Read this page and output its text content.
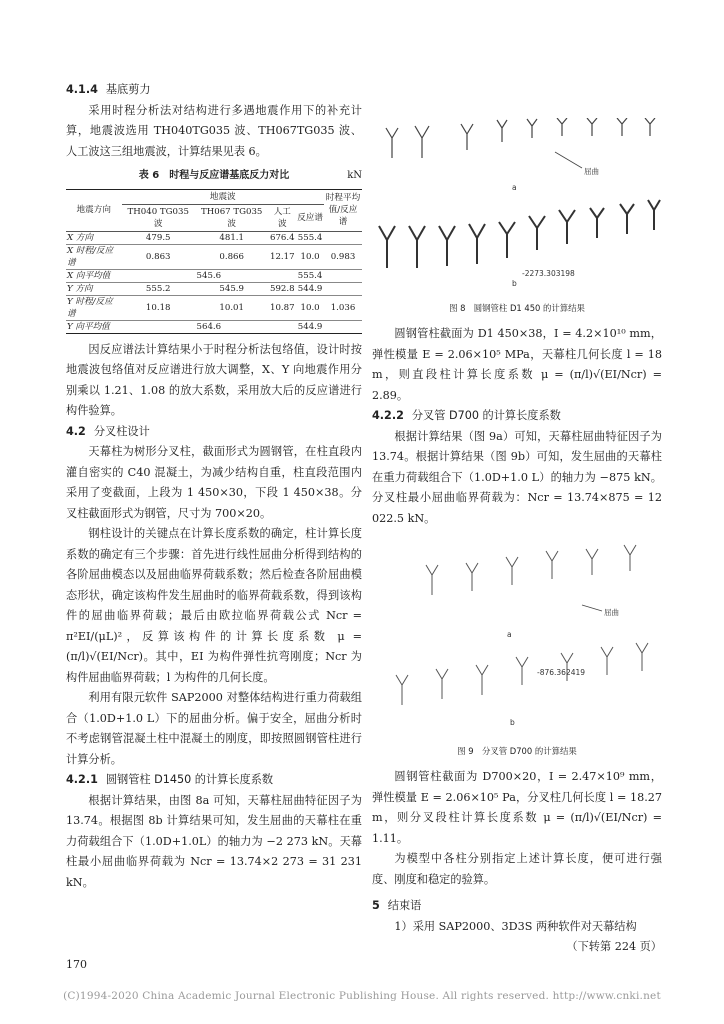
4.1.4 基底剪力

采用时程分析法对结构进行多遇地震作用下的补充计算，地震波选用 TH040TG035 波、TH067TG035 波、人工波这三组地震波，计算结果见表 6。

表 6　时程与反应谱基底反力对比	kN
地震方向	地震波				时程平均值/反应谱
	TH040 TG035 波	TH067 TG035 波	人工波	反应谱	
X 方向	479.5	481.1	676.4	555.4	
X 时程/反应谱	0.863	0.866	12.17	10.0	0.983
X 向平均值	545.6			555.4	
Y 方向	555.2	545.9	592.8	544.9	
Y 时程/反应谱	10.18	10.01	10.87	10.0	1.036
Y 向平均值	564.6			544.9	

因反应谱法计算结果小于时程分析法包络值，设计时按地震波包络值对反应谱进行放大调整，X、Y 向地震作用分别乘以 1.21、1.08 的放大系数，采用放大后的反应谱进行构件验算。

4.2 分叉柱设计

天幕柱为树形分叉柱，截面形式为圆钢管，在柱直段内灌自密实的 C40 混凝土，为减少结构自重，柱直段范围内采用了变截面，上段为 1 450×30，下段 1 450×38。分叉柱截面形式为钢管，尺寸为 700×20。

钢柱设计的关键点在计算长度系数的确定，柱计算长度系数的确定有三个步骤：首先进行线性屈曲分析得到结构的各阶屈曲模态以及屈曲临界荷载系数；然后检查各阶屈曲模态形状，确定该构件发生屈曲时的临界荷载系数，得到该构件的屈曲临界荷载；最后由欧拉临界荷载公式 Ncr = π²EI/(μL)²，反算该构件的计算长度系数 μ = (π/l)√(EI/Ncr)。其中，EI 为构件弹性抗弯刚度；Ncr 为构件屈曲临界荷载；l 为构件的几何长度。

利用有限元软件 SAP2000 对整体结构进行重力荷载组合（1.0D+1.0 L）下的屈曲分析。偏于安全，屈曲分析时不考虑钢管混凝土柱中混凝土的刚度，即按照圆钢管柱进行计算分析。

4.2.1 圆钢管柱 D1450 的计算长度系数

根据计算结果，由图 8a 可知，天幕柱屈曲特征因子为 13.74。根据图 8b 计算结果可知，发生屈曲的天幕柱在重力荷载组合下（1.0D+1.0L）的轴力为 −2 273 kN。天幕柱最小屈曲临界荷载为 Ncr = 13.74×2 273 = 31 231 kN。

屈曲
a
-2273.303198
b
图 8　圆钢管柱 D1 450 的计算结果

圆钢管柱截面为 D1 450×38，I = 4.2×10¹⁰ mm，弹性模量 E = 2.06×10⁵ MPa，天幕柱几何长度 l = 18 m，则直段柱计算长度系数 μ = (π/l)√(EI/Ncr) = 2.89。

4.2.2 分叉管 D700 的计算长度系数

根据计算结果（图 9a）可知，天幕柱屈曲特征因子为 13.74。根据计算结果（图 9b）可知，发生屈曲的天幕柱在重力荷载组合下（1.0D+1.0 L）的轴力为 −875 kN。分叉柱最小屈曲临界荷载为：Ncr = 13.74×875 = 12 022.5 kN。

屈曲
a
-876.362419
b
图 9　分叉管 D700 的计算结果

圆钢管柱截面为 D700×20，I = 2.47×10⁹ mm，弹性模量 E = 2.06×10⁵ Pa，分叉柱几何长度 l = 18.27 m，则分叉段柱计算长度系数 μ = (π/l)√(EI/Ncr) = 1.11。

为模型中各柱分别指定上述计算长度，便可进行强度、刚度和稳定的验算。

5 结束语

1）采用 SAP2000、3D3S 两种软件对天幕结构

（下转第 224 页）
170
(C)1994-2020 China Academic Journal Electronic Publishing House. All rights reserved. http://www.cnki.net
